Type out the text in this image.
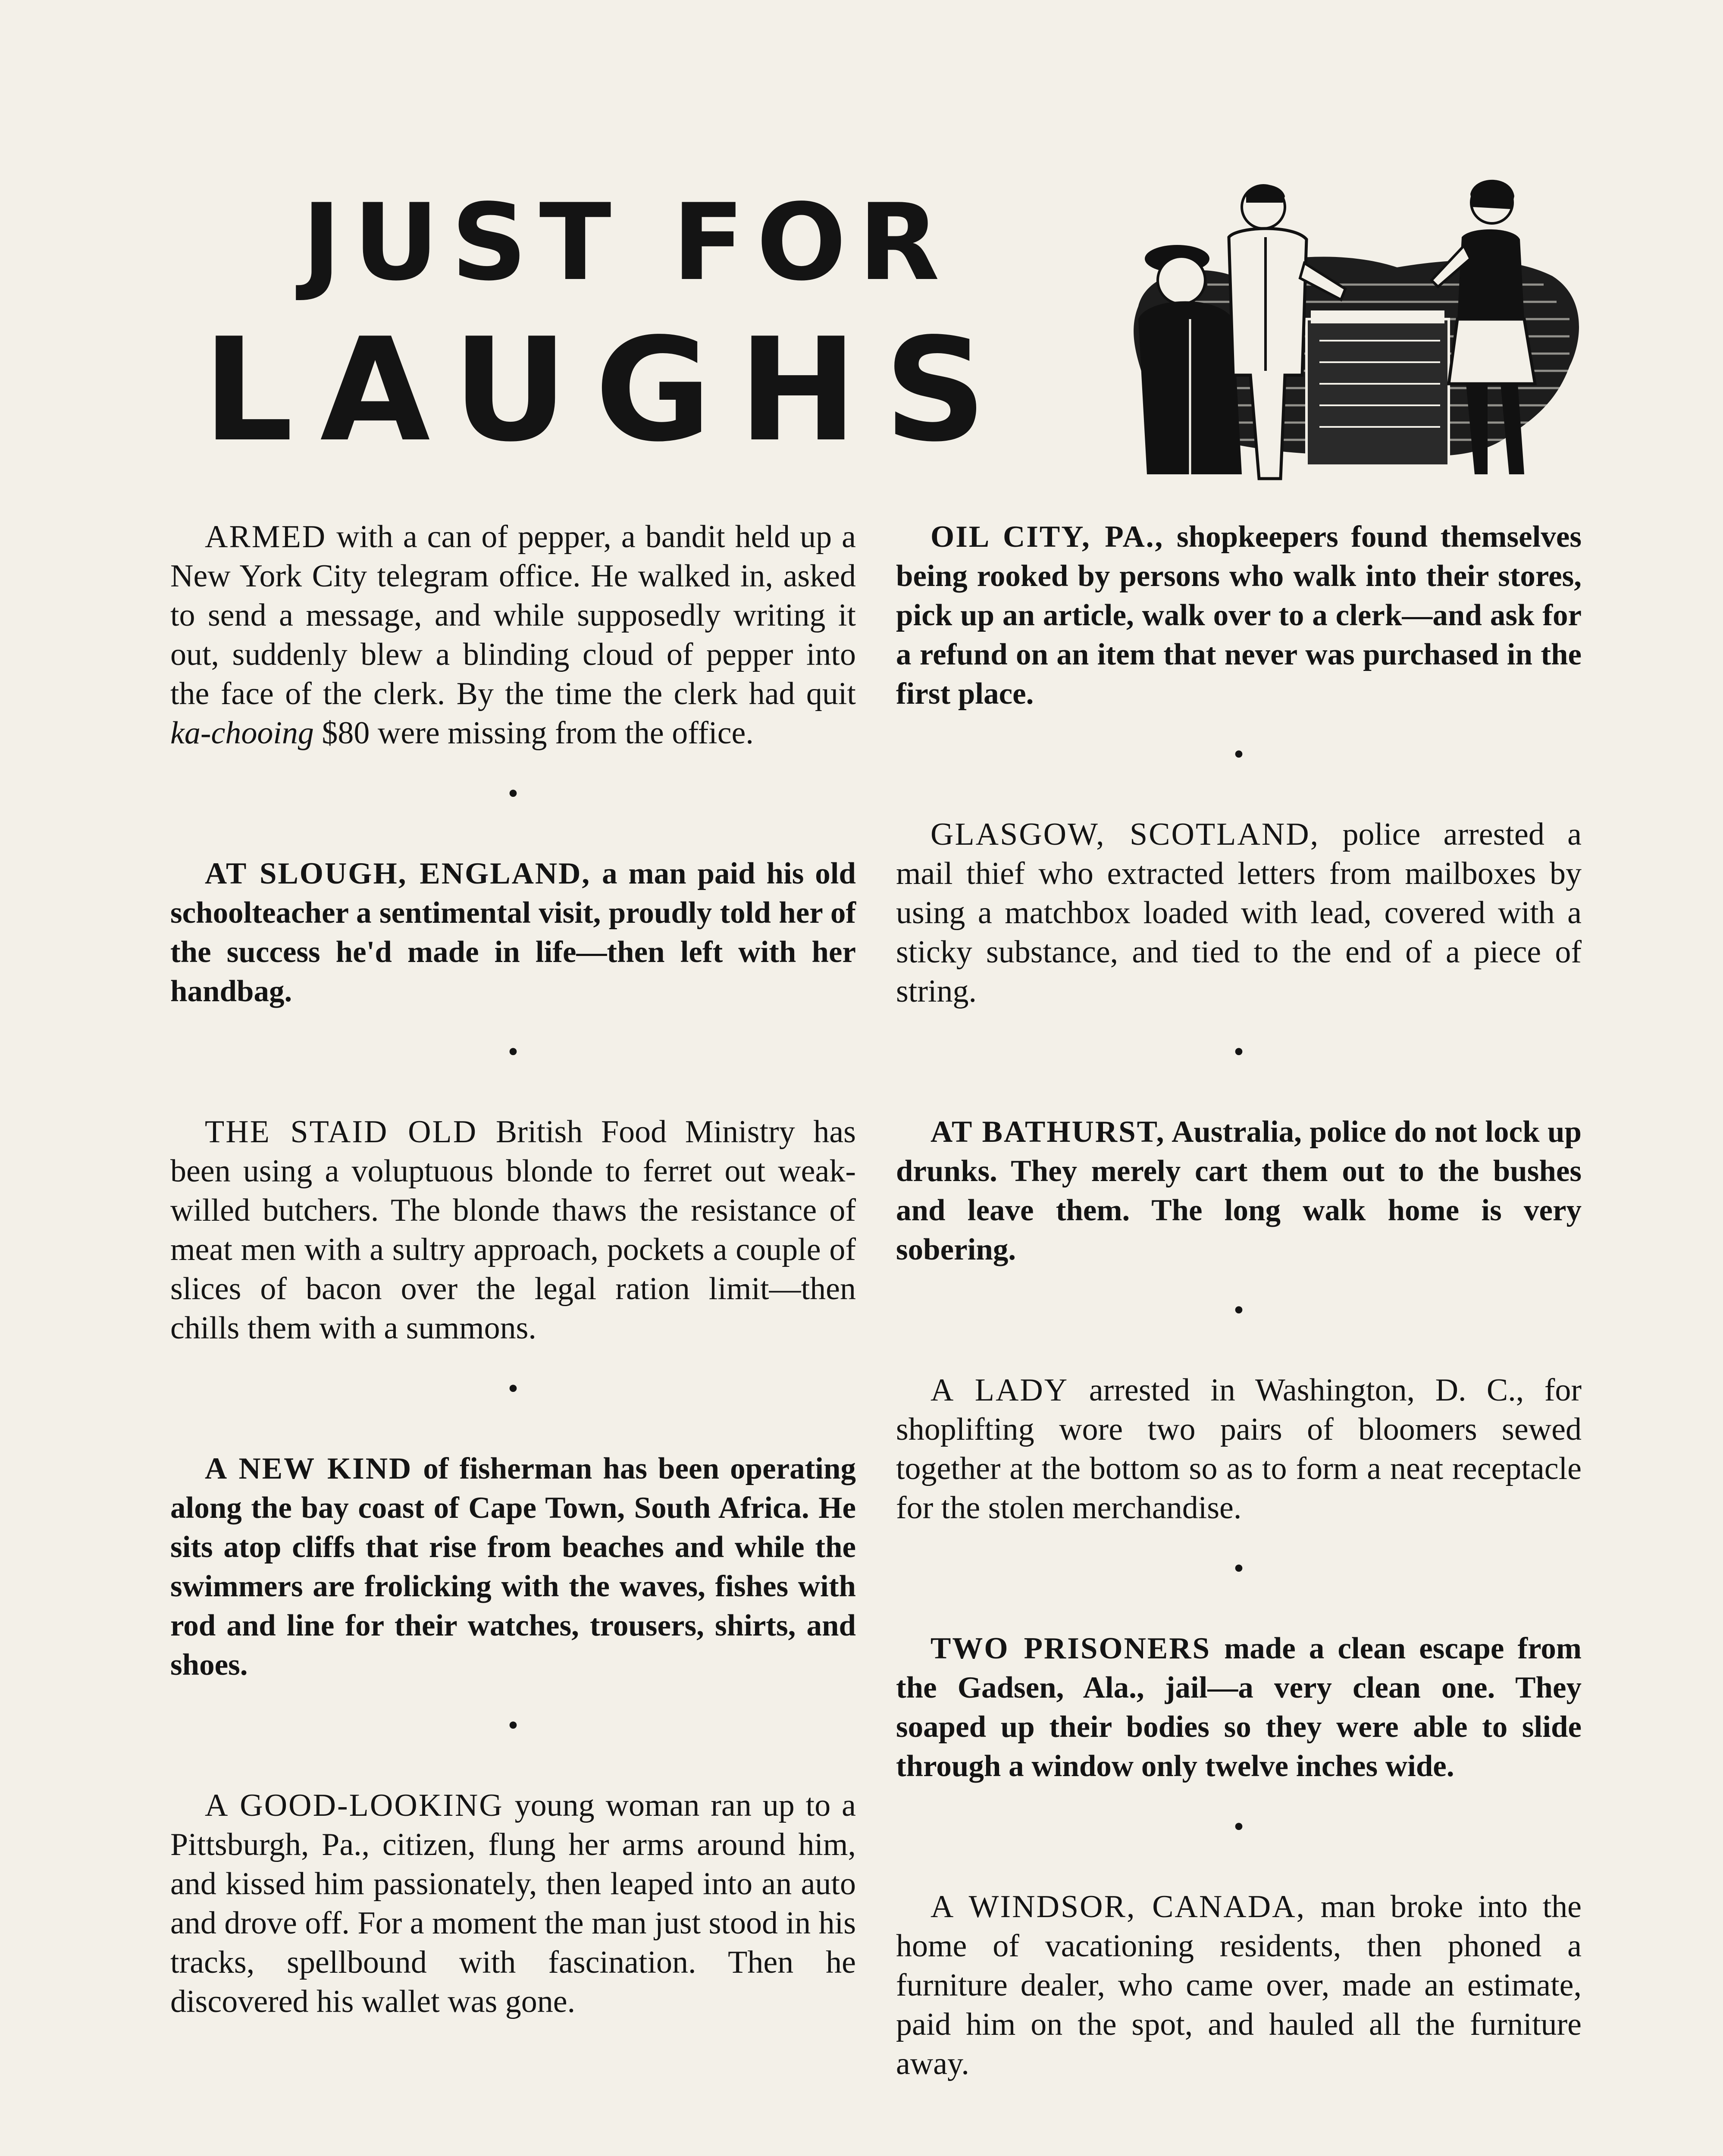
JUST FOR
LAUGHS

ARMED with a can of pepper, a bandit held up a New York City telegram office. He walked in, asked to send a message, and while supposedly writing it out, suddenly blew a blinding cloud of pepper into the face of the clerk. By the time the clerk had quit ka-chooing $80 were missing from the office.

•

AT SLOUGH, ENGLAND, a man paid his old schoolteacher a sentimental visit, proudly told her of the success he'd made in life—then left with her handbag.

•

THE STAID OLD British Food Ministry has been using a voluptuous blonde to ferret out weak-willed butchers. The blonde thaws the resistance of meat men with a sultry approach, pockets a couple of slices of bacon over the legal ration limit—then chills them with a summons.

•

A NEW KIND of fisherman has been operating along the bay coast of Cape Town, South Africa. He sits atop cliffs that rise from beaches and while the swimmers are frolicking with the waves, fishes with rod and line for their watches, trousers, shirts, and shoes.

•

A GOOD-LOOKING young woman ran up to a Pittsburgh, Pa., citizen, flung her arms around him, and kissed him passionately, then leaped into an auto and drove off. For a moment the man just stood in his tracks, spellbound with fascination. Then he discovered his wallet was gone.

OIL CITY, PA., shopkeepers found themselves being rooked by persons who walk into their stores, pick up an article, walk over to a clerk—and ask for a refund on an item that never was purchased in the first place.

•

GLASGOW, SCOTLAND, police arrested a mail thief who extracted letters from mailboxes by using a matchbox loaded with lead, covered with a sticky substance, and tied to the end of a piece of string.

•

AT BATHURST, Australia, police do not lock up drunks. They merely cart them out to the bushes and leave them. The long walk home is very sobering.

•

A LADY arrested in Washington, D. C., for shoplifting wore two pairs of bloomers sewed together at the bottom so as to form a neat receptacle for the stolen merchandise.

•

TWO PRISONERS made a clean escape from the Gadsen, Ala., jail—a very clean one. They soaped up their bodies so they were able to slide through a window only twelve inches wide.

•

A WINDSOR, CANADA, man broke into the home of vacationing residents, then phoned a furniture dealer, who came over, made an estimate, paid him on the spot, and hauled all the furniture away.
